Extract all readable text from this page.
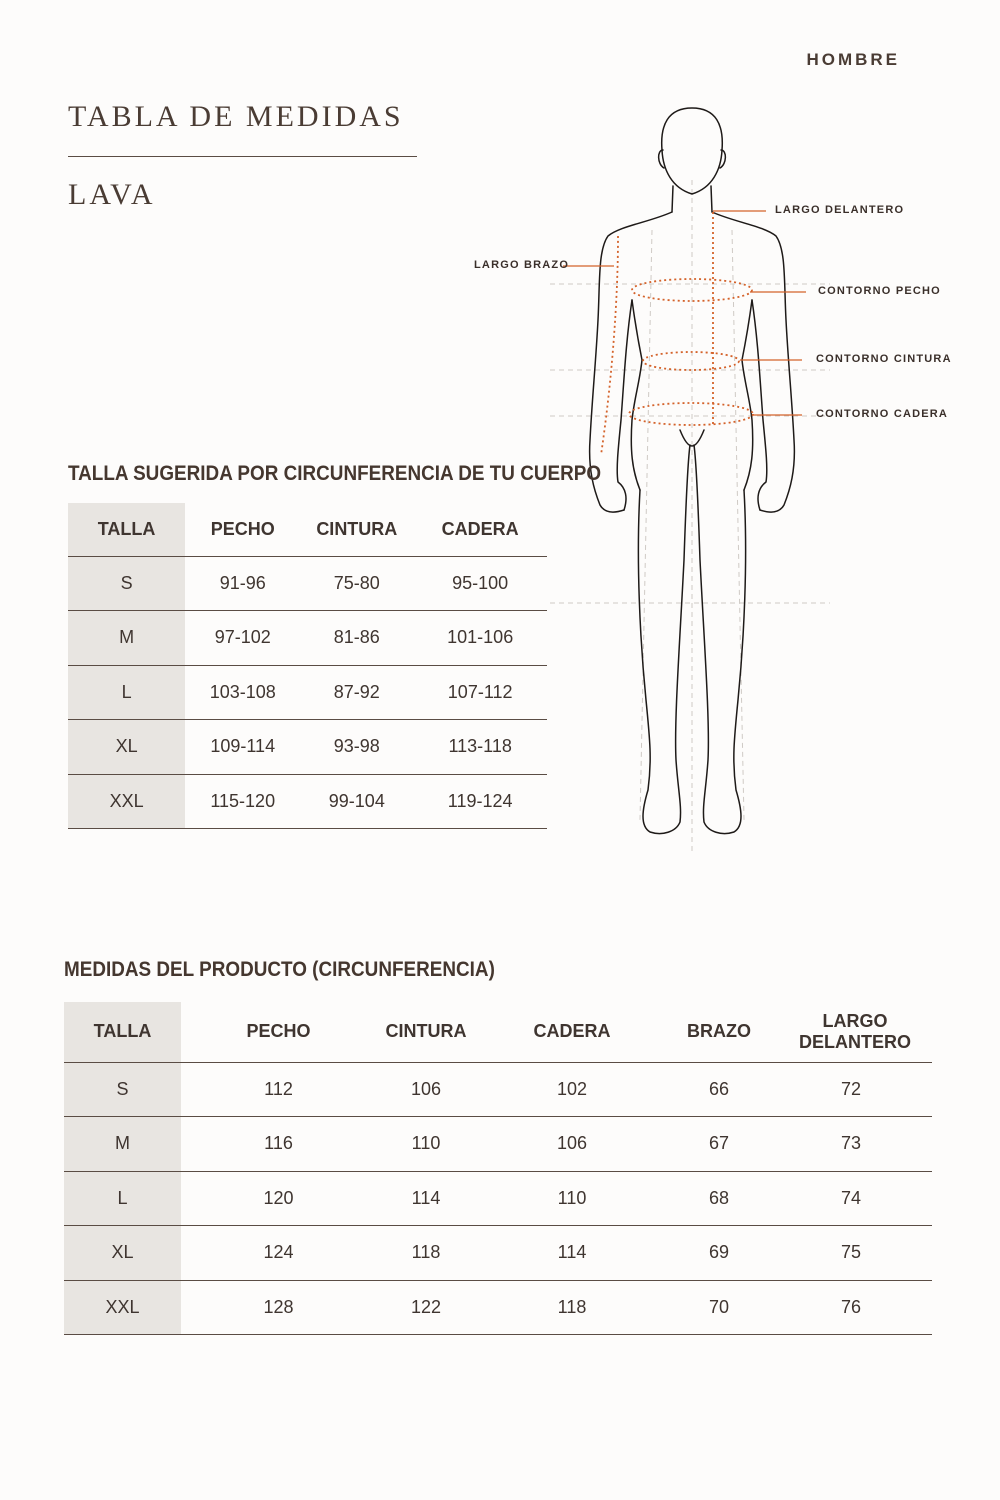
HOMBRE
TABLA DE MEDIDAS
LAVA	LARGO DELANTERO
LARGO BRAZO
CONTORNO PECHO
CONTORNO CINTURA
CONTORNO CADERA
TALLA SUGERIDA POR CIRCUNFERENCIA DE TU CUERPO
TALLA	PECHO	CINTURA	CADERA
S	91-96	75-80	95-100
M	97-102	81-86	101-106
L	103-108	87-92	107-112
XL	109-114	93-98	113-118
XXL	115-120	99-104	119-124
MEDIDAS DEL PRODUCTO (CIRCUNFERENCIA)
TALLA	PECHO	CINTURA	CADERA	BRAZO	LARGO DELANTERO
S	112	106	102	66	72
M	116	110	106	67	73
L	120	114	110	68	74
XL	124	118	114	69	75
XXL	128	122	118	70	76
